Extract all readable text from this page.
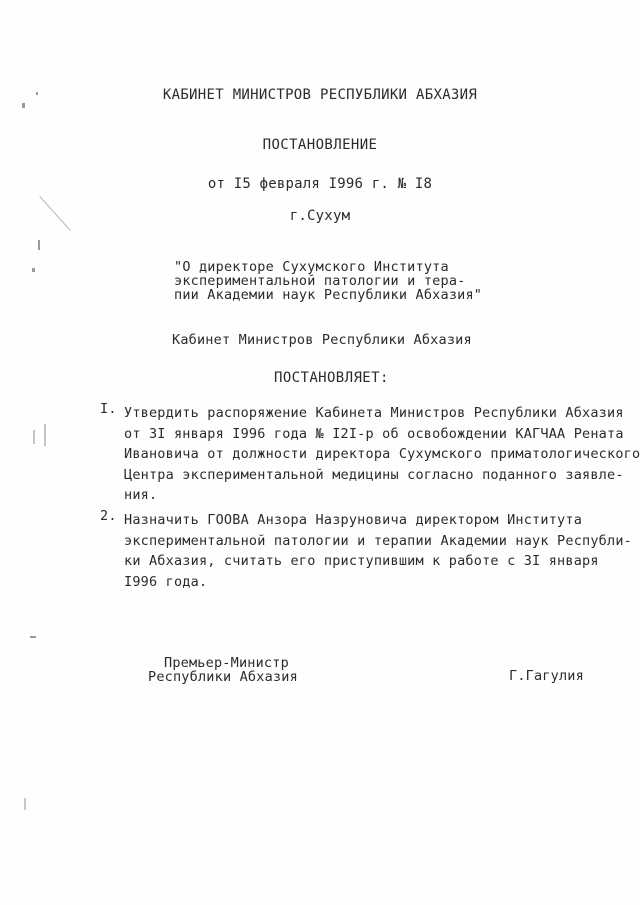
КАБИНЕТ МИНИСТРОВ РЕСПУБЛИКИ АБХАЗИЯ
ПОСТАНОВЛЕНИЕ
от I5 февраля I996 г. № I8
г.Сухум
"О директоре Сухумского Института
экспериментальной патологии и тера-
пии Академии наук Республики Абхазия"
Кабинет Министров Республики Абхазия
ПОСТАНОВЛЯЕТ:
I. Утвердить распоряжение Кабинета Министров Республики Абхазия
от 3I января I996 года № I2I-р об освобождении КАГЧАА Рената
Ивановича от должности директора Сухумского приматологического
Центра экспериментальной медицины согласно поданного заявле-
ния.
2. Назначить ГООВА Анзора Назруновича директором Института
экспериментальной патологии и терапии Академии наук Республи-
ки Абхазия, считать его приступившим к работе с 3I января
I996 года.
Премьер-Министр
Республики Абхазия	Г.Гагулия
